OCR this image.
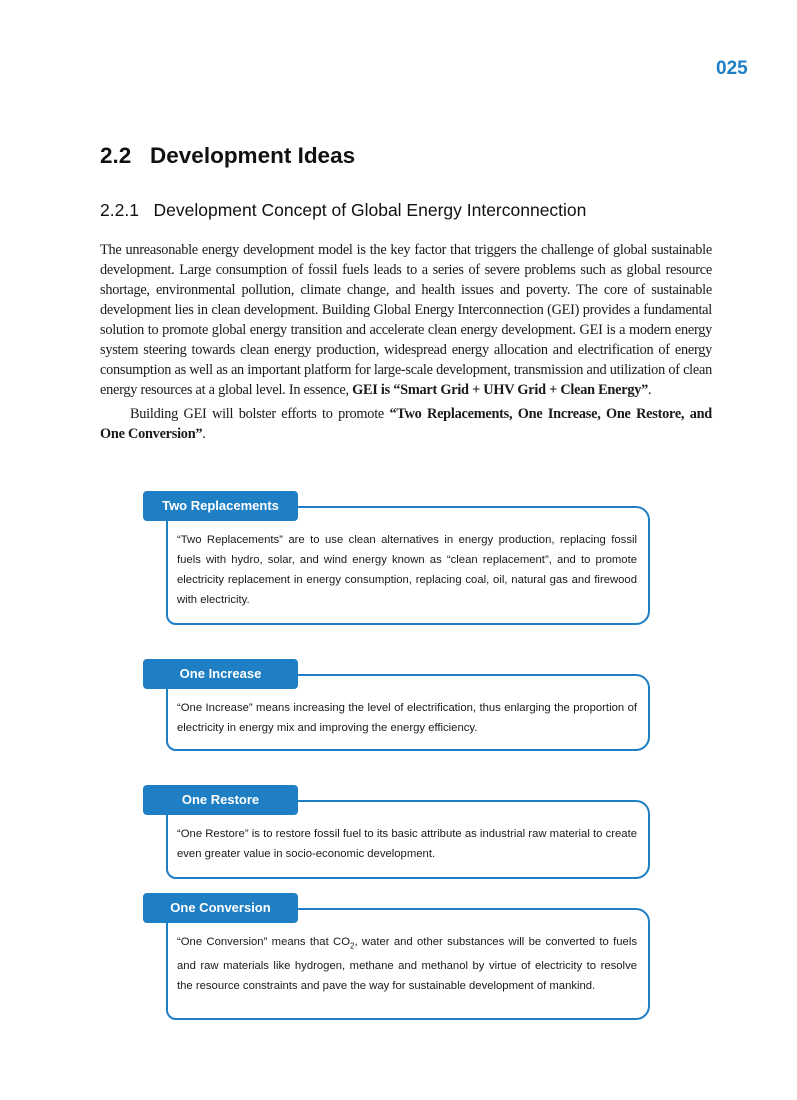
025
2.2   Development Ideas
2.2.1   Development Concept of Global Energy Interconnection

The unreasonable energy development model is the key factor that triggers the challenge of global sustainable development. Large consumption of fossil fuels leads to a series of severe problems such as global resource shortage, environmental pollution, climate change, and health issues and poverty. The core of sustainable development lies in clean development. Building Global Energy Interconnection (GEI) provides a fundamental solution to promote global energy transition and accelerate clean energy development. GEI is a modern energy system steering towards clean energy production, widespread energy allocation and electrification of energy consumption as well as an important platform for large-scale development, transmission and utilization of clean energy resources at a global level. In essence, GEI is “Smart Grid + UHV Grid + Clean Energy”.

Building GEI will bolster efforts to promote “Two Replacements, One Increase, One Restore, and One Conversion”.

Two Replacements
“Two Replacements” are to use clean alternatives in energy production, replacing fossil fuels with hydro, solar, and wind energy known as “clean replacement”, and to promote electricity replacement in energy consumption, replacing coal, oil, natural gas and firewood with electricity.
One Increase
“One Increase” means increasing the level of electrification, thus enlarging the proportion of electricity in energy mix and improving the energy efficiency.
One Restore
“One Restore” is to restore fossil fuel to its basic attribute as industrial raw material to create even greater value in socio-economic development.
One Conversion
“One Conversion” means that $CO_2$, water and other substances will be converted to fuels and raw materials like hydrogen, methane and methanol by virtue of electricity to resolve the resource constraints and pave the way for sustainable development of mankind.
